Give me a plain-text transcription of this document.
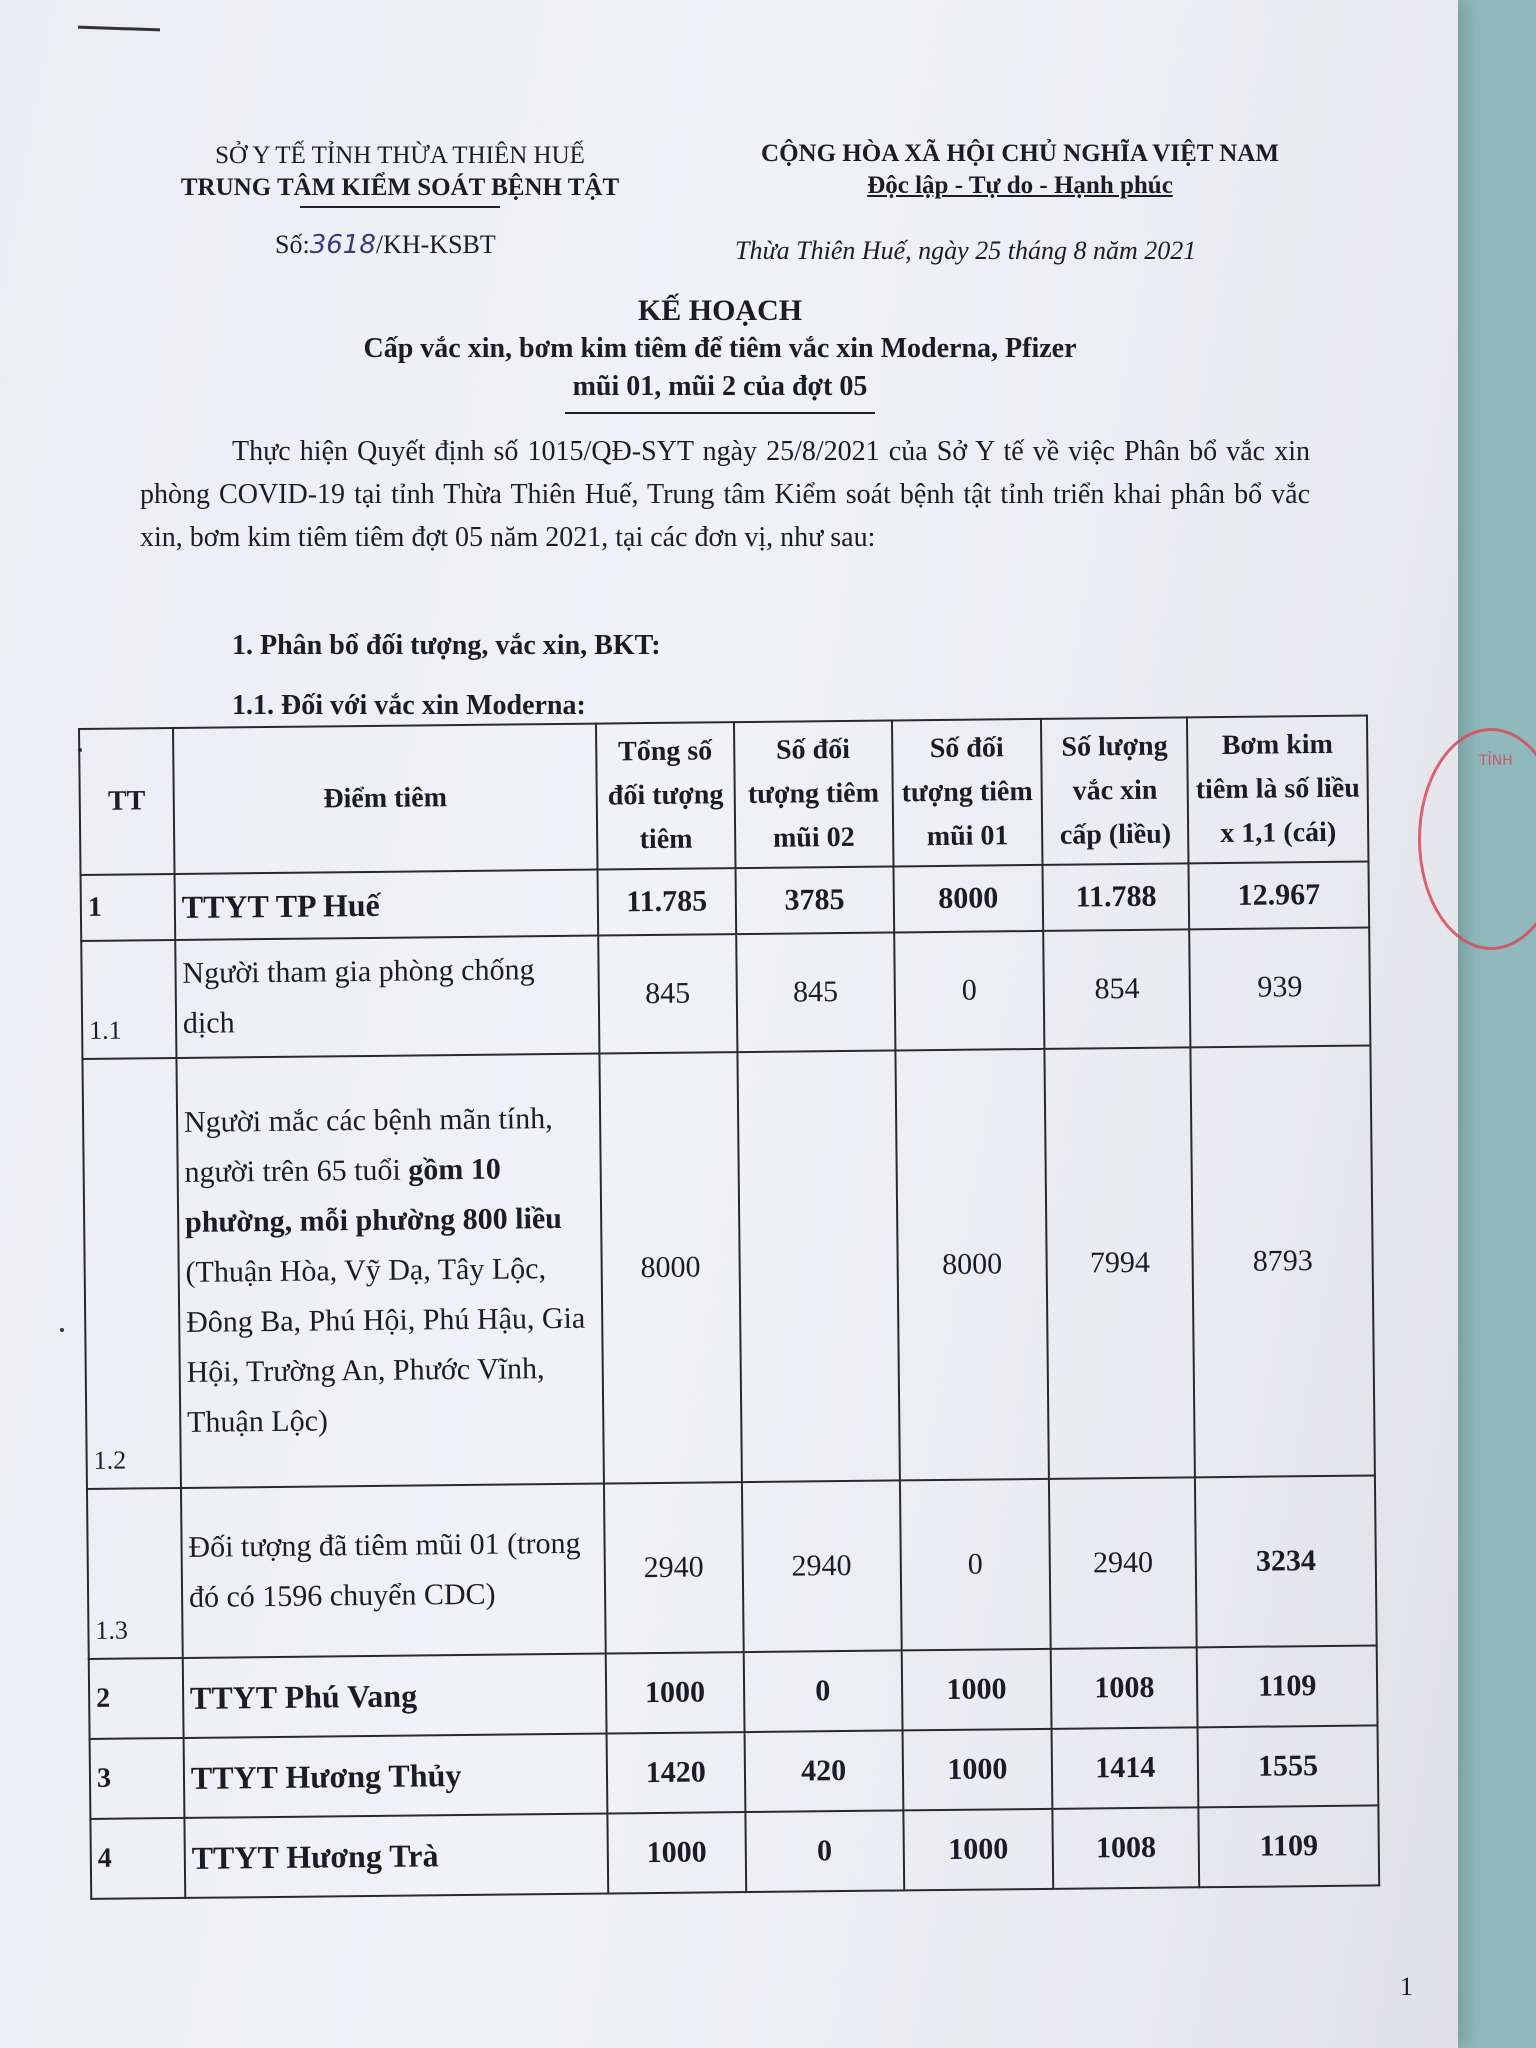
SỞ Y TẾ TỈNH THỪA THIÊN HUẾ
TRUNG TÂM KIỂM SOÁT BỆNH TẬT
CỘNG HÒA XÃ HỘI CHỦ NGHĨA VIỆT NAM
Độc lập - Tự do - Hạnh phúc
Số:3618/KH-KSBT	Thừa Thiên Huế, ngày 25 tháng 8 năm 2021
KẾ HOẠCH
Cấp vắc xin, bơm kim tiêm để tiêm vắc xin Moderna, Pfizer
mũi 01, mũi 2 của đợt 05
Thực hiện Quyết định số 1015/QĐ-SYT ngày 25/8/2021 của Sở Y tế về việc Phân bổ vắc xin phòng COVID-19 tại tỉnh Thừa Thiên Huế, Trung tâm Kiểm soát bệnh tật tỉnh triển khai phân bổ vắc xin, bơm kim tiêm tiêm đợt 05 năm 2021, tại các đơn vị, như sau:
1. Phân bổ đối tượng, vắc xin, BKT:
1.1. Đối với vắc xin Moderna:
TT	Điểm tiêm	Tổng số đối tượng tiêm	Số đối tượng tiêm mũi 02	Số đối tượng tiêm mũi 01	Số lượng vắc xin cấp (liều)	Bơm kim tiêm là số liều x 1,1 (cái)
1	TTYT TP Huế	11.785	3785	8000	11.788	12.967
1.1	Người tham gia phòng chống dịch	845	845	0	854	939
1.2	Người mắc các bệnh mãn tính, người trên 65 tuổi gồm 10 phường, mỗi phường 800 liều (Thuận Hòa, Vỹ Dạ, Tây Lộc, Đông Ba, Phú Hội, Phú Hậu, Gia Hội, Trường An, Phước Vĩnh, Thuận Lộc)	8000		8000	7994	8793
1.3	Đối tượng đã tiêm mũi 01 (trong đó có 1596 chuyển CDC)	2940	2940	0	2940	3234
2	TTYT Phú Vang	1000	0	1000	1008	1109
3	TTYT Hương Thủy	1420	420	1000	1414	1555
4	TTYT Hương Trà	1000	0	1000	1008	1109
1
TỈNH
